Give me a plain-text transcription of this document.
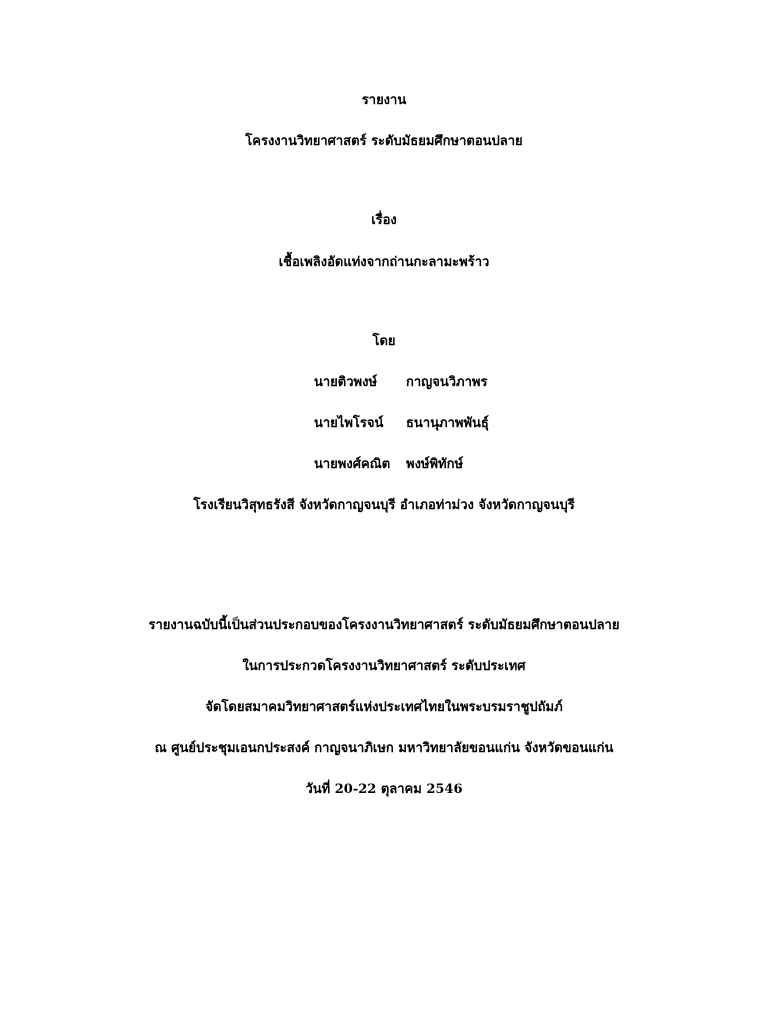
รายงาน
โครงงานวิทยาศาสตร์ ระดับมัธยมศึกษาตอนปลาย
เรื่อง
เชื้อเพลิงอัดแท่งจากถ่านกะลามะพร้าว
โดย
นายติวพงษ์ กาญจนวิภาพร
นายไพโรจน์ ธนานุภาพพันธุ์
นายพงศ์คณิต พงษ์พิทักษ์
โรงเรียนวิสุทธรังสี จังหวัดกาญจนบุรี อำเภอท่าม่วง จังหวัดกาญจนบุรี
รายงานฉบับนี้เป็นส่วนประกอบของโครงงานวิทยาศาสตร์ ระดับมัธยมศึกษาตอนปลาย
ในการประกวดโครงงานวิทยาศาสตร์ ระดับประเทศ
จัดโดยสมาคมวิทยาศาสตร์แห่งประเทศไทยในพระบรมราชูปถัมภ์
ณ ศูนย์ประชุมเอนกประสงค์ กาญจนาภิเษก มหาวิทยาลัยขอนแก่น จังหวัดขอนแก่น
วันที่ 20-22 ตุลาคม 2546
